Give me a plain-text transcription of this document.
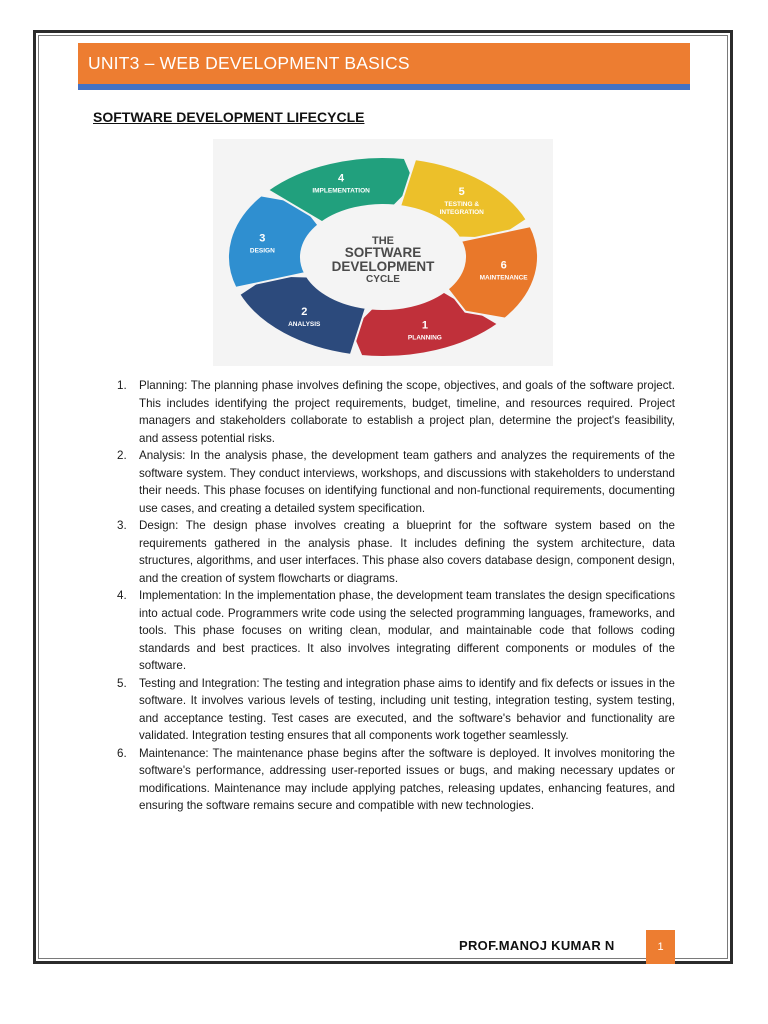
UNIT3 – WEB DEVELOPMENT BASICS
SOFTWARE DEVELOPMENT LIFECYCLE
THE
SOFTWARE
DEVELOPMENT
CYCLE
1
PLANNING
2
ANALYSIS
3
DESIGN
4
IMPLEMENTATION	5
TESTING &
INTEGRATION
6
MAINTENANCE
1. Planning: The planning phase involves defining the scope, objectives, and goals of the software project. This includes identifying the project requirements, budget, timeline, and resources required. Project managers and stakeholders collaborate to establish a project plan, determine the project's feasibility, and assess potential risks.
2. Analysis: In the analysis phase, the development team gathers and analyzes the requirements of the software system. They conduct interviews, workshops, and discussions with stakeholders to understand their needs. This phase focuses on identifying functional and non-functional requirements, documenting use cases, and creating a detailed system specification.
3. Design: The design phase involves creating a blueprint for the software system based on the requirements gathered in the analysis phase. It includes defining the system architecture, data structures, algorithms, and user interfaces. This phase also covers database design, component design, and the creation of system flowcharts or diagrams.
4. Implementation: In the implementation phase, the development team translates the design specifications into actual code. Programmers write code using the selected programming languages, frameworks, and tools. This phase focuses on writing clean, modular, and maintainable code that follows coding standards and best practices. It also involves integrating different components or modules of the software.
5. Testing and Integration: The testing and integration phase aims to identify and fix defects or issues in the software. It involves various levels of testing, including unit testing, integration testing, system testing, and acceptance testing. Test cases are executed, and the software's behavior and functionality are validated. Integration testing ensures that all components work together seamlessly.
6. Maintenance: The maintenance phase begins after the software is deployed. It involves monitoring the software's performance, addressing user-reported issues or bugs, and making necessary updates or modifications. Maintenance may include applying patches, releasing updates, enhancing features, and ensuring the software remains secure and compatible with new technologies.
PROF.MANOJ KUMAR N	1
